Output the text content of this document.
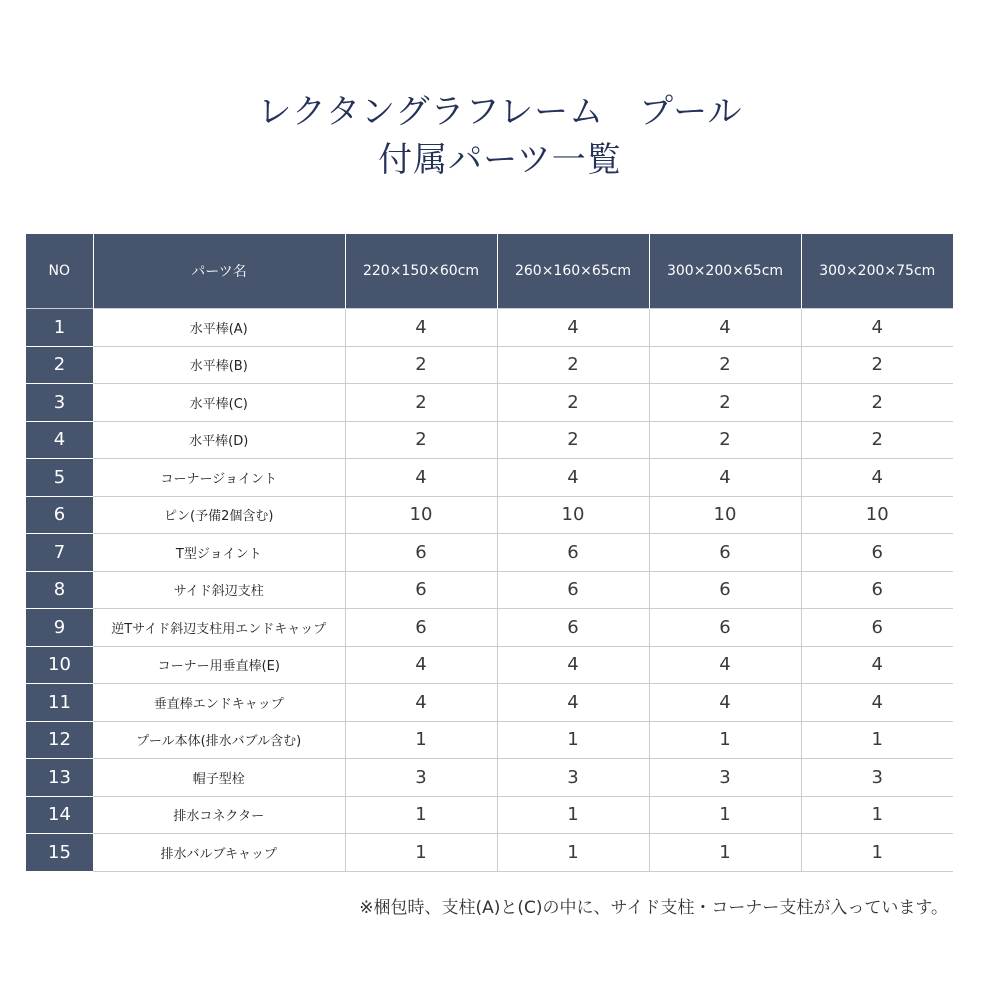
レクタングラフレーム　プール
付属パーツ一覧
NO	パーツ名	220×150×60cm	260×160×65cm	300×200×65cm	300×200×75cm
1	水平棒(A)	4	4	4	4
2	水平棒(B)	2	2	2	2
3	水平棒(C)	2	2	2	2
4	水平棒(D)	2	2	2	2
5	コーナージョイント	4	4	4	4
6	ピン(予備2個含む)	10	10	10	10
7	T型ジョイント	6	6	6	6
8	サイド斜辺支柱	6	6	6	6
9	逆Tサイド斜辺支柱用エンドキャップ	6	6	6	6
10	コーナー用垂直棒(E)	4	4	4	4
11	垂直棒エンドキャップ	4	4	4	4
12	プール本体(排水バブル含む)	1	1	1	1
13	帽子型栓	3	3	3	3
14	排水コネクター	1	1	1	1
15	排水バルブキャップ	1	1	1	1
※梱包時、支柱(A)と(C)の中に、サイド支柱・コーナー支柱が入っています。
